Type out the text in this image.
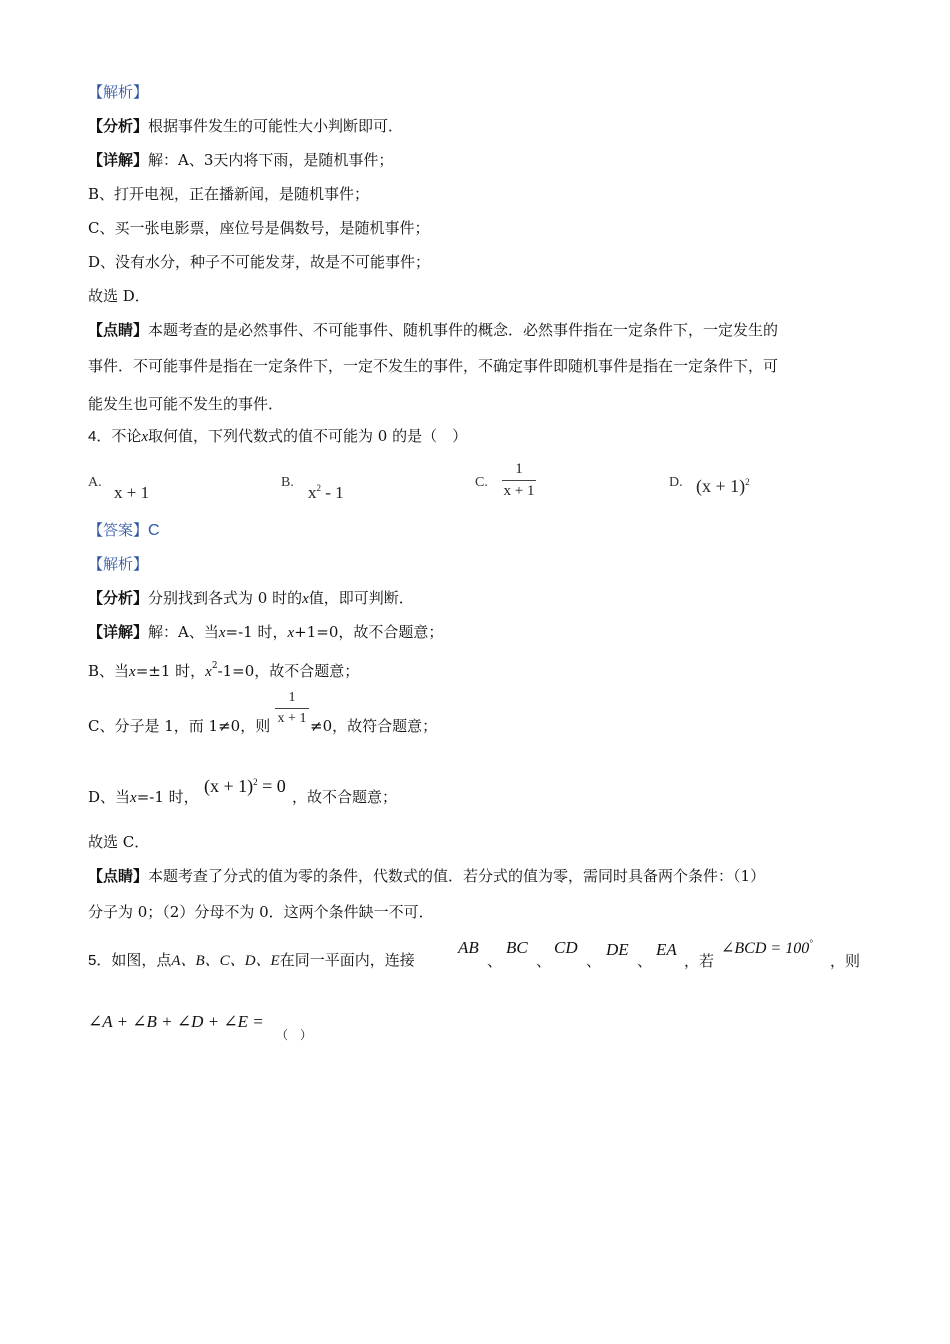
【解析】
【分析】根据事件发生的可能性大小判断即可．
【详解】解：A、3天内将下雨，是随机事件；
B、打开电视，正在播新闻，是随机事件；
C、买一张电影票，座位号是偶数号，是随机事件；
D、没有水分，种子不可能发芽，故是不可能事件；
故选 D．
【点睛】本题考查的是必然事件、不可能事件、随机事件的概念．必然事件指在一定条件下，一定发生的
事件．不可能事件是指在一定条件下，一定不发生的事件，不确定事件即随机事件是指在一定条件下，可
能发生也可能不发生的事件．
4．不论x取何值，下列代数式的值不可能为 0 的是（　）
A.
x + 1
B.
$x^2 - 1$
C. $\frac{1}{x + 1}$	D. $(x + 1)^2$
【答案】C
【解析】
【分析】分别找到各式为 0 时的x值，即可判断．
【详解】解：A、当x=-1 时，x+1=0，故不合题意；
B、当x=±1 时，$x^2-1=0$，故不合题意；
C、分子是 1，而 1≠0，则 $\frac{1}{x + 1} \ne 0$，故符合题意；
D、当x=-1 时，
$(x + 1)^2 = 0$
，故不合题意；
故选 C．
【点睛】本题考查了分式的值为零的条件，代数式的值．若分式的值为零，需同时具备两个条件：（1）
分子为 0；（2）分母不为 0．这两个条件缺一不可．
5．如图，点A、B、C、D、E在同一平面内，连接
AB
、
BC
、
CD
、
DE
、
EA
，若
∠BCD = 100°
，则
∠A + ∠B + ∠D + ∠E =
（　）
